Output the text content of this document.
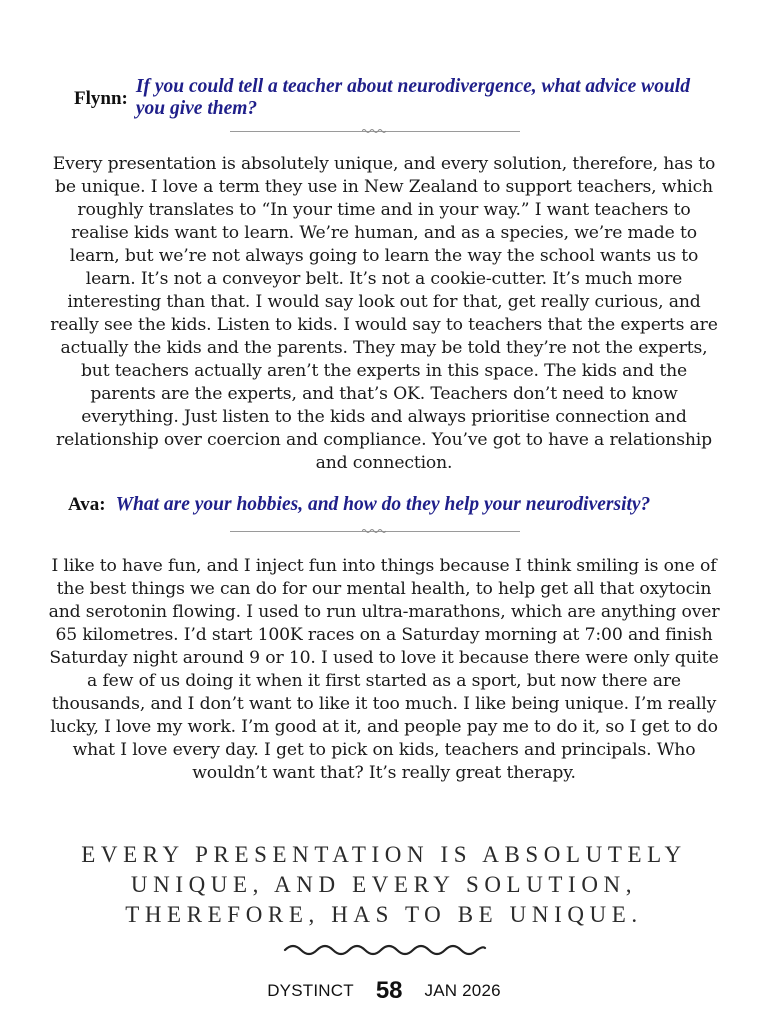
Flynn:
If you could tell a teacher about neurodivergence, what advice would you give them?

Every presentation is absolutely unique, and every solution, therefore, has to be unique. I love a term they use in New Zealand to support teachers, which roughly translates to “In your time and in your way.” I want teachers to realise kids want to learn. We’re human, and as a species, we’re made to learn, but we’re not always going to learn the way the school wants us to learn. It’s not a conveyor belt. It’s not a cookie-cutter. It’s much more interesting than that. I would say look out for that, get really curious, and really see the kids. Listen to kids. I would say to teachers that the experts are actually the kids and the parents. They may be told they’re not the experts, but teachers actually aren’t the experts in this space. The kids and the parents are the experts, and that’s OK. Teachers don’t need to know everything. Just listen to the kids and always prioritise connection and relationship over coercion and compliance. You’ve got to have a relationship and connection.

Ava: What are your hobbies, and how do they help your neurodiversity?

I like to have fun, and I inject fun into things because I think smiling is one of the best things we can do for our mental health, to help get all that oxytocin and serotonin flowing. I used to run ultra-marathons, which are anything over 65 kilometres. I’d start 100K races on a Saturday morning at 7:00 and finish Saturday night around 9 or 10. I used to love it because there were only quite a few of us doing it when it first started as a sport, but now there are thousands, and I don’t want to like it too much. I like being unique. I’m really lucky, I love my work. I’m good at it, and people pay me to do it, so I get to do what I love every day. I get to pick on kids, teachers and principals. Who wouldn’t want that? It’s really great therapy.

EVERY PRESENTATION IS ABSOLUTELY UNIQUE, AND EVERY SOLUTION, THEREFORE, HAS TO BE UNIQUE.

DYSTINCT 58 JAN 2026
